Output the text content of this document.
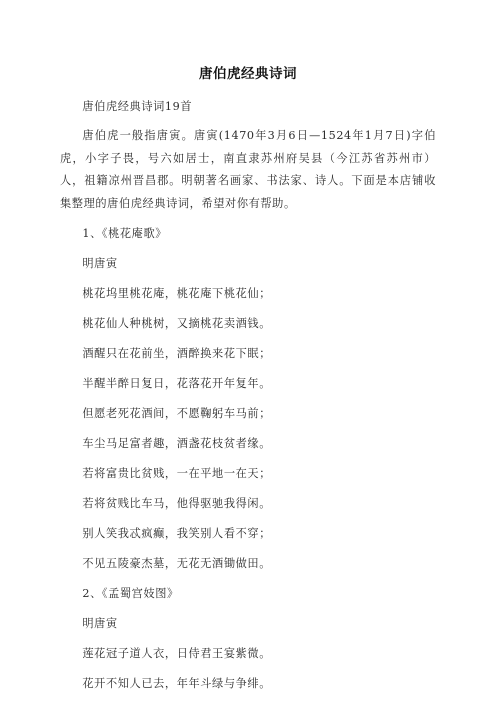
唐伯虎经典诗词

唐伯虎经典诗词19首

唐伯虎一般指唐寅。唐寅(1470年3月6日—1524年1月7日)字伯虎，小字子畏，号六如居士，南直隶苏州府吴县（今江苏省苏州市）人，祖籍凉州晋昌郡。明朝著名画家、书法家、诗人。下面是本店铺收集整理的唐伯虎经典诗词，希望对你有帮助。

1、《桃花庵歌》

明唐寅

桃花坞里桃花庵，桃花庵下桃花仙；

桃花仙人种桃树，又摘桃花卖酒钱。

酒醒只在花前坐，酒醉换来花下眠；

半醒半醉日复日，花落花开年复年。

但愿老死花酒间，不愿鞠躬车马前；

车尘马足富者趣，酒盏花枝贫者缘。

若将富贵比贫贱，一在平地一在天；

若将贫贱比车马，他得驱驰我得闲。

别人笑我忒疯癫，我笑别人看不穿；

不见五陵豪杰墓，无花无酒锄做田。

2、《孟蜀宫妓图》

明唐寅

莲花冠子道人衣，日侍君王宴紫微。

花开不知人已去，年年斗绿与争绯。
